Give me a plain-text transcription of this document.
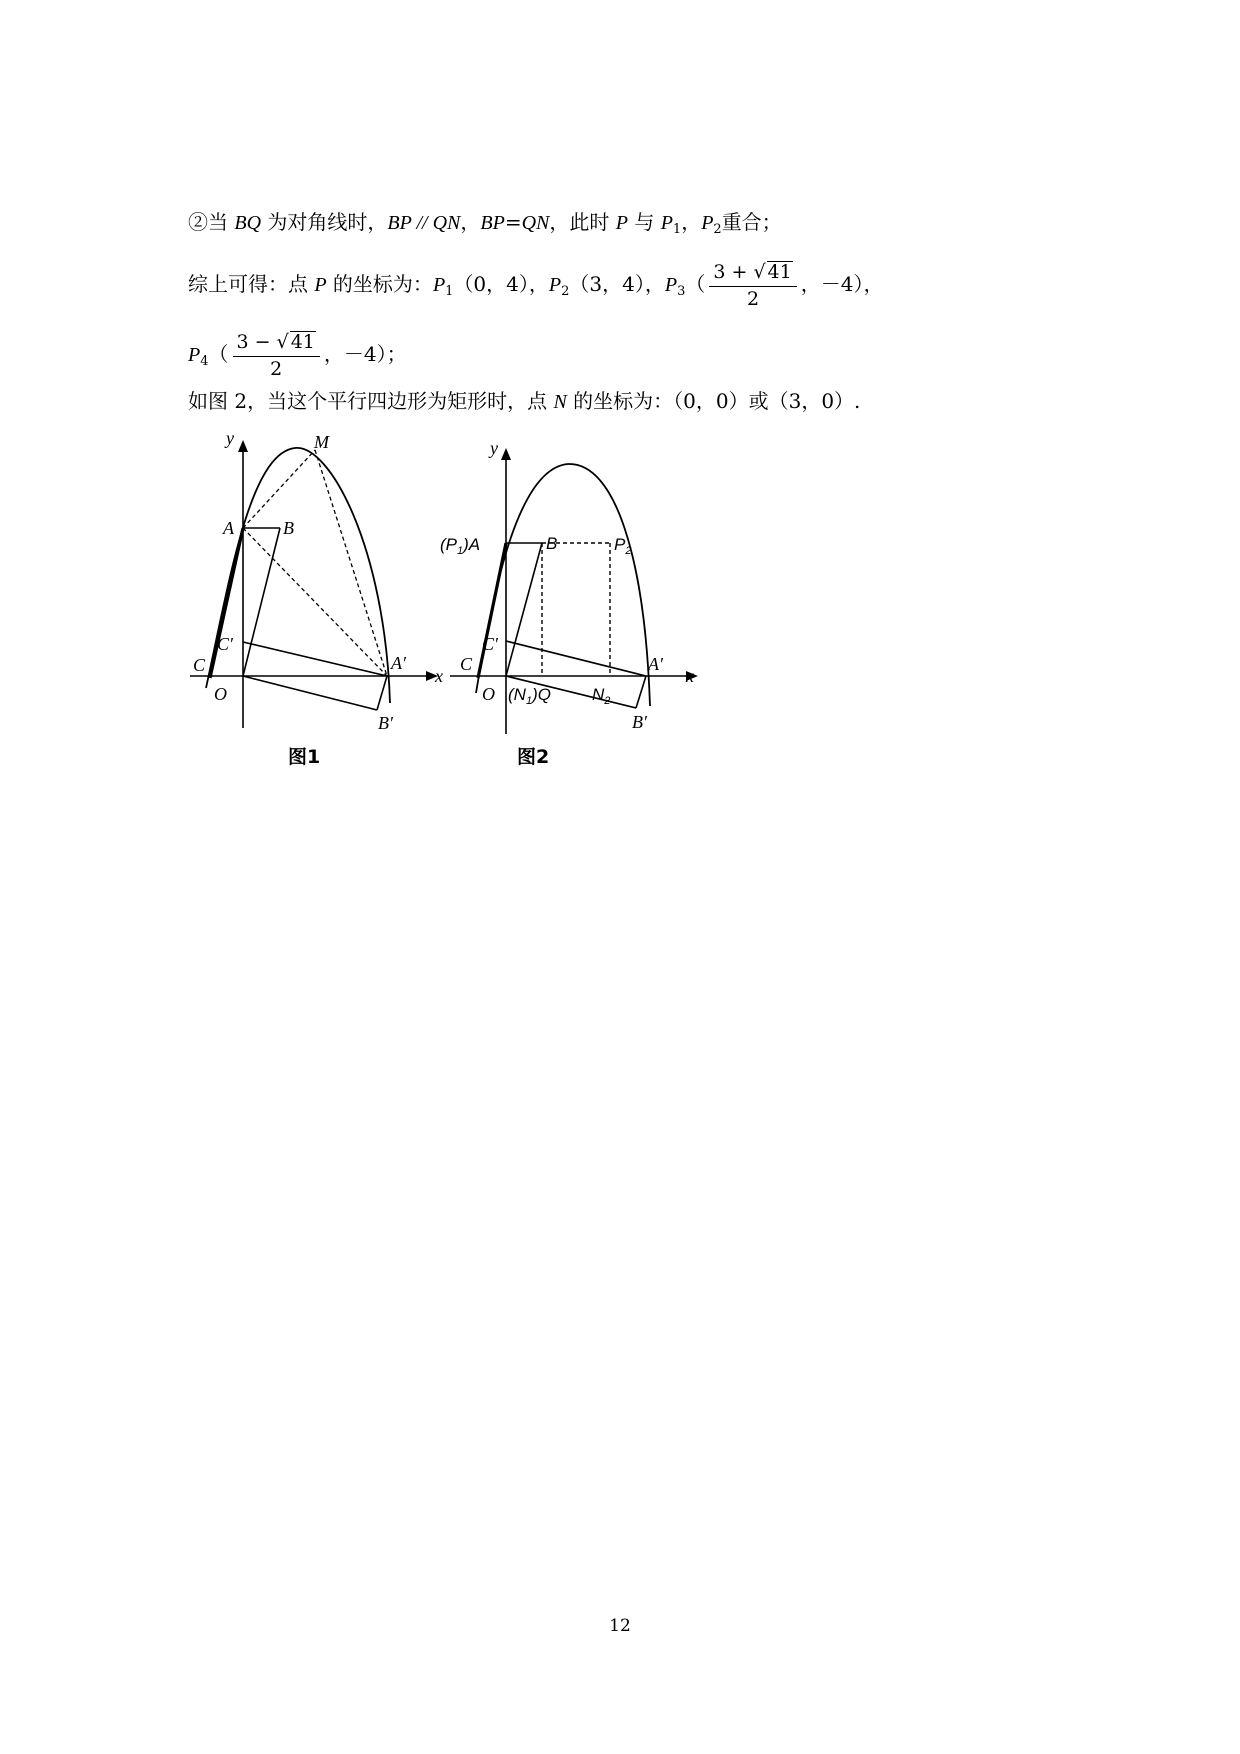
②当 BQ 为对角线时，BP // QN，BP=QN，此时 P 与 $P_1$，$P_2$重合；
综上可得：点 P 的坐标为：$P_1(0$，4），$P_2(3$，4），$P_3( \frac{3 + √ 41}{2}$ ，－4），
$P_4( \frac{3 - √ 41}{2}$ ，－4）；
如图 2，当这个平行四边形为矩形时，点 N 的坐标为：（0，0）或（3，0）.
y	M
A	B
C′
C
O
A′
x
B′
图1
y
$(P_1)A$	B	$P_2$
C′
C
O $(N_1)Q$ $N_2$
A′
x
B′
图2
12
